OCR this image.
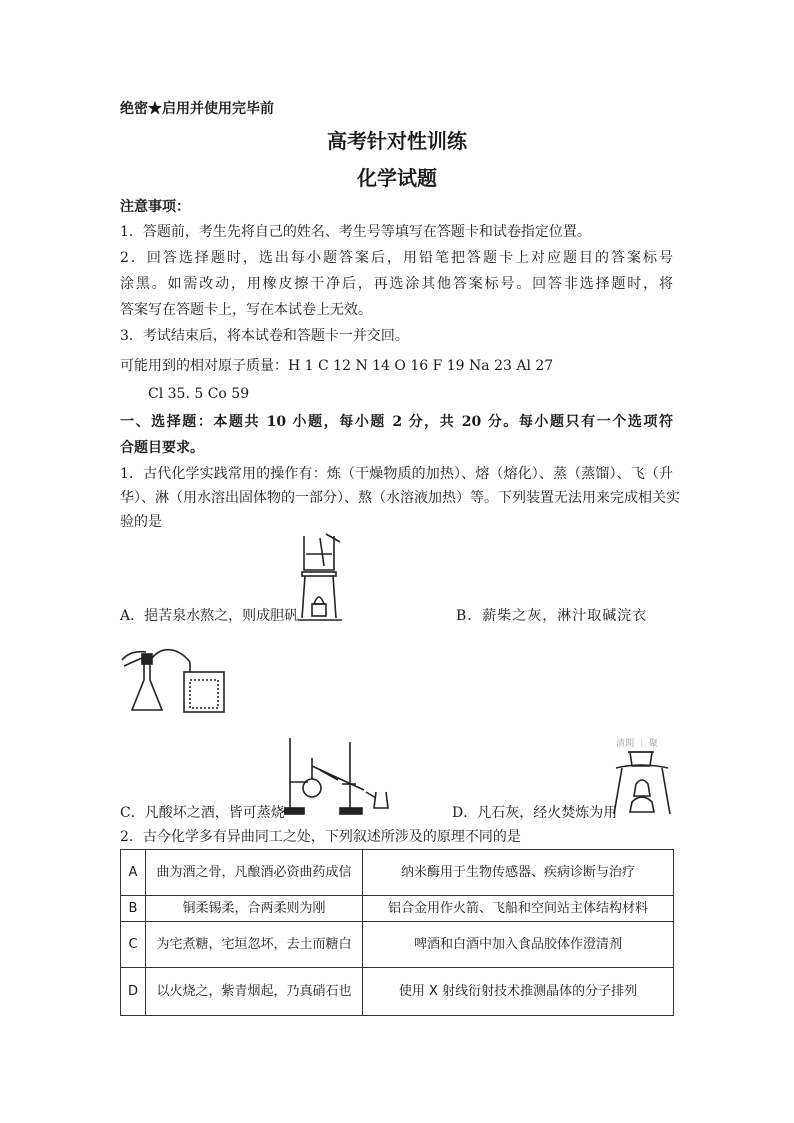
绝密★启用并使用完毕前
高考针对性训练
化学试题
注意事项：
1．答题前，考生先将自己的姓名、考生号等填写在答题卡和试卷指定位置。
2．回答选择题时，选出每小题答案后，用铅笔把答题卡上对应题目的答案标号
涂黑。如需改动，用橡皮擦干净后，再选涂其他答案标号。回答非选择题时，将
答案写在答题卡上，写在本试卷上无效。
3．考试结束后，将本试卷和答题卡一并交回。
可能用到的相对原子质量：H 1 C 12 N 14 O 16 F 19 Na 23 Al 27
Cl 35. 5 Co 59
一、选择题：本题共 10 小题，每小题 2 分，共 20 分。每小题只有一个选项符
合题目要求。
1．古代化学实践常用的操作有：炼（干燥物质的加热）、熔（熔化）、蒸（蒸馏）、飞（升
华）、淋（用水溶出固体物的一部分）、熬（水溶液加热）等。下列装置无法用来完成相关实
验的是
A．挹苦泉水熬之，则成胆矾	B．薪柴之灰，淋汁取碱浣衣
清期 ｜ 聚
C．凡酸坏之酒，皆可蒸烧	D．凡石灰，经火焚炼为用
2．古今化学多有异曲同工之处，下列叙述所涉及的原理不同的是
A	曲为酒之骨，凡酿酒必资曲药成信	纳米酶用于生物传感器、疾病诊断与治疗
B	铜柔锡柔，合两柔则为刚	铝合金用作火箭、飞船和空间站主体结构材料
C	为宅煮糖，宅垣忽坏，去土而糖白	啤酒和白酒中加入食品胶体作澄清剂
D	以火烧之，紫青烟起，乃真硝石也	使用 X 射线衍射技术推测晶体的分子排列
